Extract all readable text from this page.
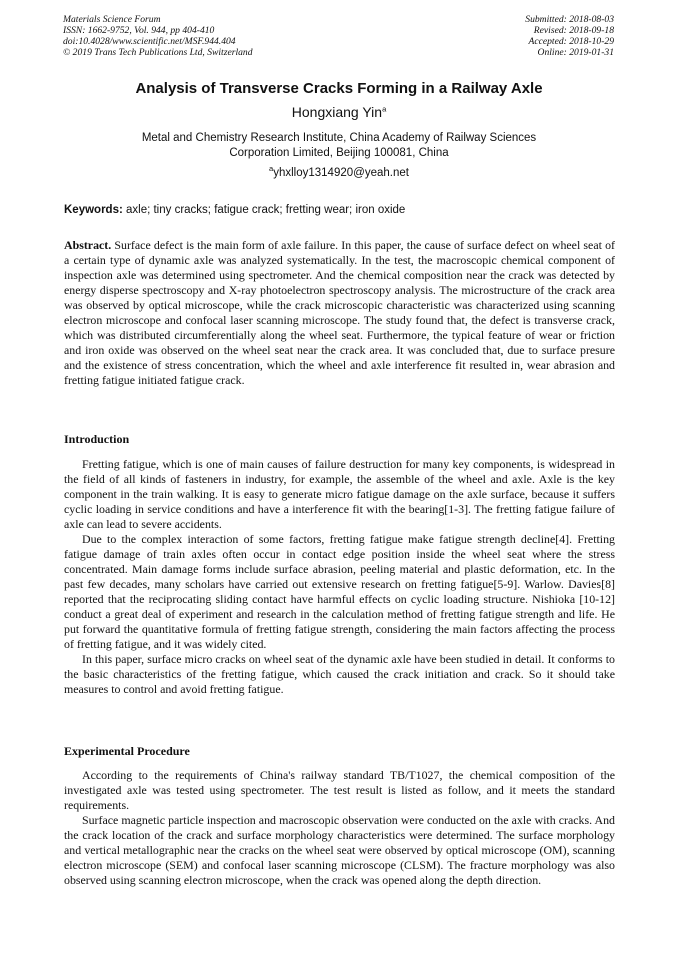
Materials Science Forum
ISSN: 1662-9752, Vol. 944, pp 404-410
doi:10.4028/www.scientific.net/MSF.944.404
© 2019 Trans Tech Publications Ltd, Switzerland
Submitted: 2018-08-03
Revised: 2018-09-18
Accepted: 2018-10-29
Online: 2019-01-31
Analysis of Transverse Cracks Forming in a Railway Axle
Hongxiang Yin$^a$
Metal and Chemistry Research Institute, China Academy of Railway Sciences
Corporation Limited, Beijing 100081, China
$^a$yhxlloy1314920@yeah.net
Keywords: axle; tiny cracks; fatigue crack; fretting wear; iron oxide
Abstract. Surface defect is the main form of axle failure. In this paper, the cause of surface defect on wheel seat of a certain type of dynamic axle was analyzed systematically. In the test, the macroscopic chemical component of inspection axle was determined using spectrometer. And the chemical composition near the crack was detected by energy disperse spectroscopy and X-ray photoelectron spectroscopy analysis. The microstructure of the crack area was observed by optical microscope, while the crack microscopic characteristic was characterized using scanning electron microscope and confocal laser scanning microscope. The study found that, the defect is transverse crack, which was distributed circumferentially along the wheel seat. Furthermore, the typical feature of wear or friction and iron oxide was observed on the wheel seat near the crack area. It was concluded that, due to surface presure and the existence of stress concentration, which the wheel and axle interference fit resulted in, wear abrasion and fretting fatigue initiated fatigue crack.
Introduction

Fretting fatigue, which is one of main causes of failure destruction for many key components, is widespread in the field of all kinds of fasteners in industry, for example, the assemble of the wheel and axle. Axle is the key component in the train walking. It is easy to generate micro fatigue damage on the axle surface, because it suffers cyclic loading in service conditions and have a interference fit with the bearing[1-3]. The fretting fatigue failure of axle can lead to severe accidents.

Due to the complex interaction of some factors, fretting fatigue make fatigue strength decline[4]. Fretting fatigue damage of train axles often occur in contact edge position inside the wheel seat where the stress concentrated. Main damage forms include surface abrasion, peeling material and plastic deformation, etc. In the past few decades, many scholars have carried out extensive research on fretting fatigue[5-9]. Warlow. Davies[8] reported that the reciprocating sliding contact have harmful effects on cyclic loading structure. Nishioka [10-12] conduct a great deal of experiment and research in the calculation method of fretting fatigue strength and life. He put forward the quantitative formula of fretting fatigue strength, considering the main factors affecting the process of fretting fatigue, and it was widely cited.

In this paper, surface micro cracks on wheel seat of the dynamic axle have been studied in detail. It conforms to the basic characteristics of the fretting fatigue, which caused the crack initiation and crack. So it should take measures to control and avoid fretting fatigue.

Experimental Procedure

According to the requirements of China's railway standard TB/T1027, the chemical composition of the investigated axle was tested using spectrometer. The test result is listed as follow, and it meets the standard requirements.

Surface magnetic particle inspection and macroscopic observation were conducted on the axle with cracks. And the crack location of the crack and surface morphology characteristics were determined. The surface morphology and vertical metallographic near the cracks on the wheel seat were observed by optical microscope (OM), scanning electron microscope (SEM) and confocal laser scanning microscope (CLSM). The fracture morphology was also observed using scanning electron microscope, when the crack was opened along the depth direction.
